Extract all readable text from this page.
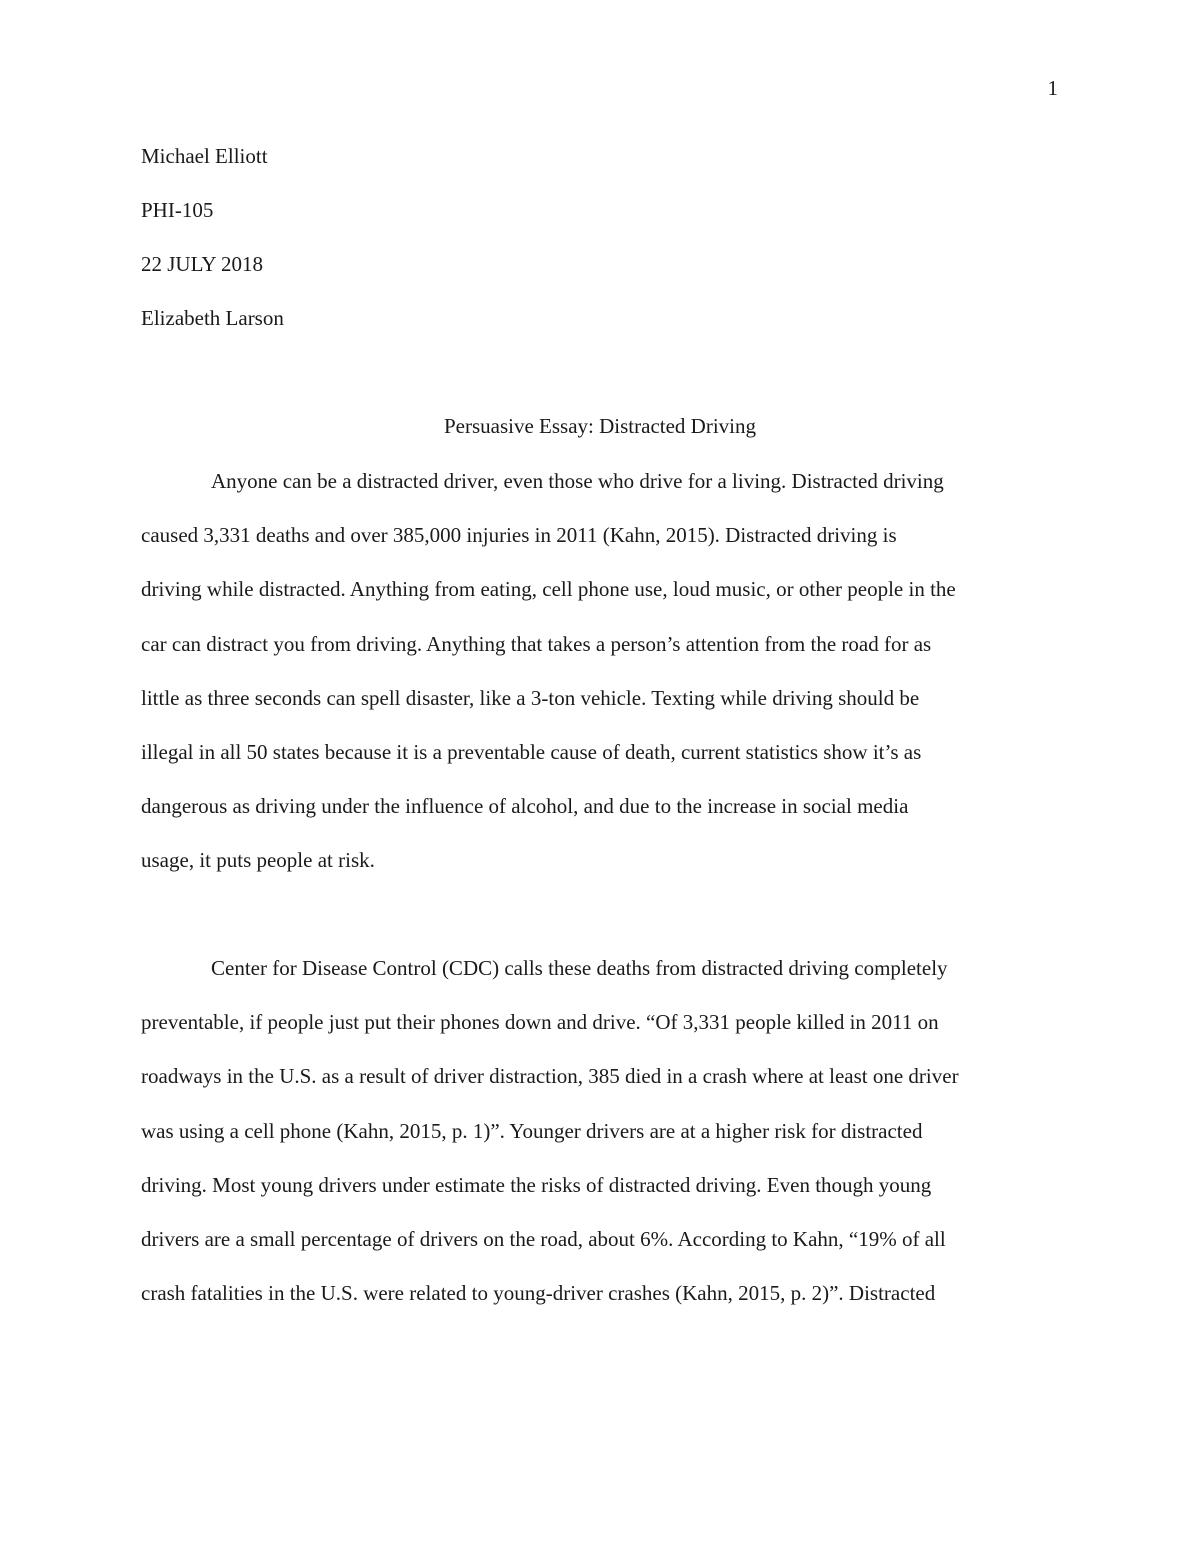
1
Michael Elliott
PHI-105
22 JULY 2018
Elizabeth Larson
Persuasive Essay: Distracted Driving
Anyone can be a distracted driver, even those who drive for a living. Distracted driving
caused 3,331 deaths and over 385,000 injuries in 2011 (Kahn, 2015). Distracted driving is
driving while distracted. Anything from eating, cell phone use, loud music, or other people in the
car can distract you from driving. Anything that takes a person’s attention from the road for as
little as three seconds can spell disaster, like a 3-ton vehicle. Texting while driving should be
illegal in all 50 states because it is a preventable cause of death, current statistics show it’s as
dangerous as driving under the influence of alcohol, and due to the increase in social media
usage, it puts people at risk.
Center for Disease Control (CDC) calls these deaths from distracted driving completely
preventable, if people just put their phones down and drive. “Of 3,331 people killed in 2011 on
roadways in the U.S. as a result of driver distraction, 385 died in a crash where at least one driver
was using a cell phone (Kahn, 2015, p. 1)”. Younger drivers are at a higher risk for distracted
driving. Most young drivers under estimate the risks of distracted driving. Even though young
drivers are a small percentage of drivers on the road, about 6%. According to Kahn, “19% of all
crash fatalities in the U.S. were related to young-driver crashes (Kahn, 2015, p. 2)”. Distracted
